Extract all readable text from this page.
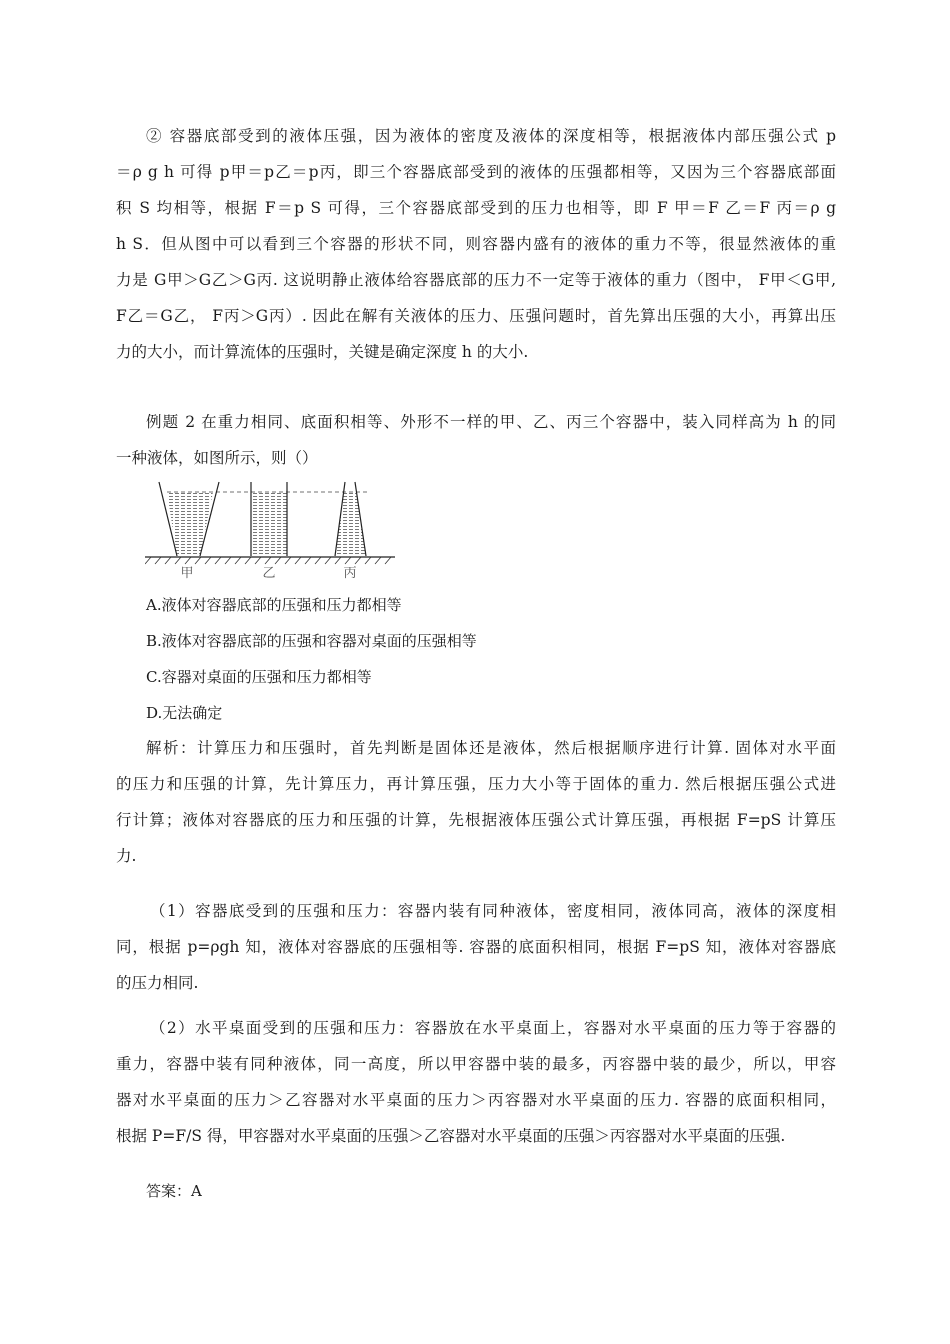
② 容器底部受到的液体压强，因为液体的密度及液体的深度相等，根据液体内部压强公式 p
＝ρ g h 可得 p甲＝p乙＝p丙，即三个容器底部受到的液体的压强都相等，又因为三个容器底部面
积 S 均相等，根据 F＝p S 可得，三个容器底部受到的压力也相等，即 F 甲＝F 乙＝F 丙＝ρ g
h S．但从图中可以看到三个容器的形状不同，则容器内盛有的液体的重力不等，很显然液体的重
力是 G甲＞G乙＞G丙. 这说明静止液体给容器底部的压力不一定等于液体的重力（图中， F甲＜G甲,
F乙＝G乙， F丙＞G丙）. 因此在解有关液体的压力、压强问题时，首先算出压强的大小，再算出压
力的大小，而计算流体的压强时，关键是确定深度 h 的大小.
例题 2 在重力相同、底面积相等、外形不一样的甲、乙、丙三个容器中，装入同样高为 h 的同
一种液体，如图所示，则（）
甲	乙	丙
A.液体对容器底部的压强和压力都相等
B.液体对容器底部的压强和容器对桌面的压强相等
C.容器对桌面的压强和压力都相等
D.无法确定
解析：计算压力和压强时，首先判断是固体还是液体，然后根据顺序进行计算. 固体对水平面
的压力和压强的计算，先计算压力，再计算压强，压力大小等于固体的重力. 然后根据压强公式进
行计算；液体对容器底的压力和压强的计算，先根据液体压强公式计算压强，再根据 F=pS 计算压
力.
（1）容器底受到的压强和压力：容器内装有同种液体，密度相同，液体同高，液体的深度相
同，根据 p=ρgh 知，液体对容器底的压强相等. 容器的底面积相同，根据 F=pS 知，液体对容器底
的压力相同.
（2）水平桌面受到的压强和压力：容器放在水平桌面上，容器对水平桌面的压力等于容器的
重力，容器中装有同种液体，同一高度，所以甲容器中装的最多，丙容器中装的最少，所以，甲容
器对水平桌面的压力＞乙容器对水平桌面的压力＞丙容器对水平桌面的压力. 容器的底面积相同，
根据 P=F/S 得，甲容器对水平桌面的压强＞乙容器对水平桌面的压强＞丙容器对水平桌面的压强.
答案：A
